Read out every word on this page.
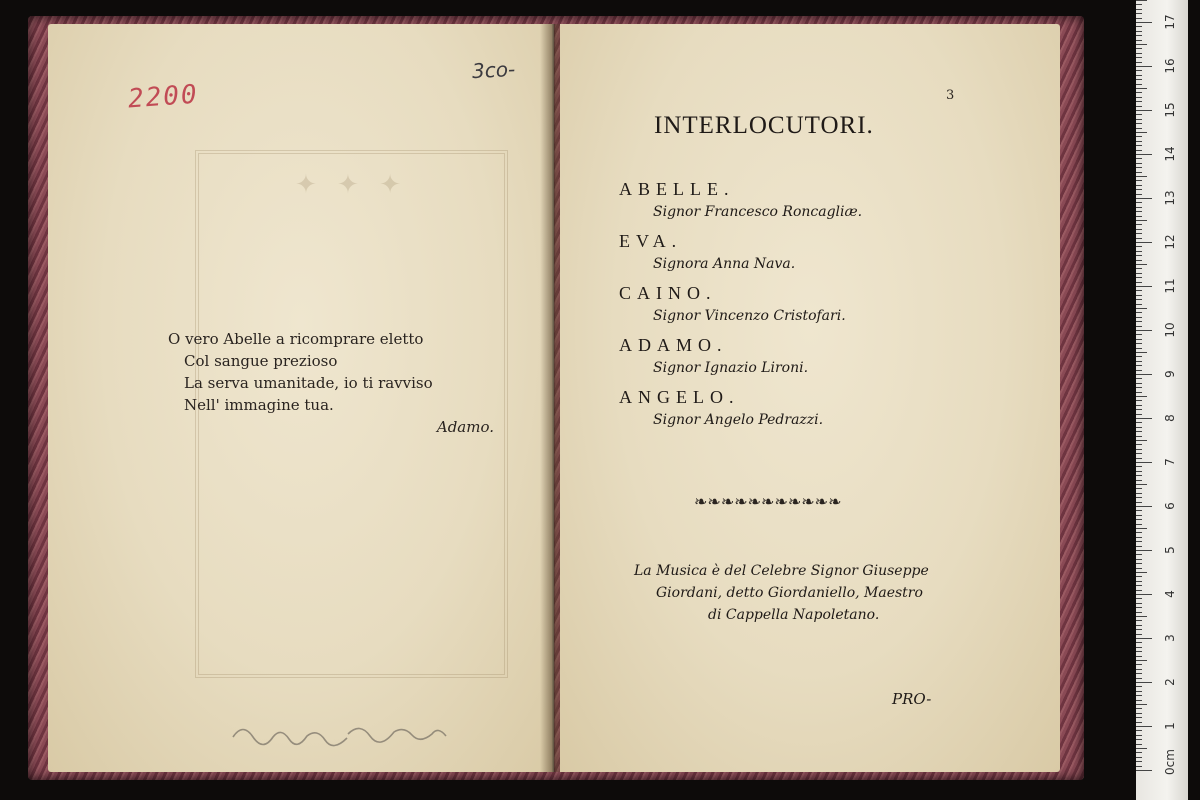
✦ ✦ ✦
2200
3co-
O vero Abelle a ricomprare eletto
Col sangue prezioso
La serva umanitade, io ti ravviso
Nell' immagine tua.
Adamo.
3
INTERLOCUTORI.
ABELLE.
Signor Francesco Roncagliæ.
EVA.
Signora Anna Nava.
CAINO.
Signor Vincenzo Cristofari.
ADAMO.
Signor Ignazio Lironi.
ANGELO.
Signor Angelo Pedrazzi.
❧❧❧❧❧❧❧❧❧❧❧
La Musica è del Celebre Signor Giuseppe
Giordani, detto Giordaniello, Maestro
di Cappella Napoletano.
PRO-
0cm
1
2
3
4
5
6
7
8
9
10
11
12
13
14
15
16
17
